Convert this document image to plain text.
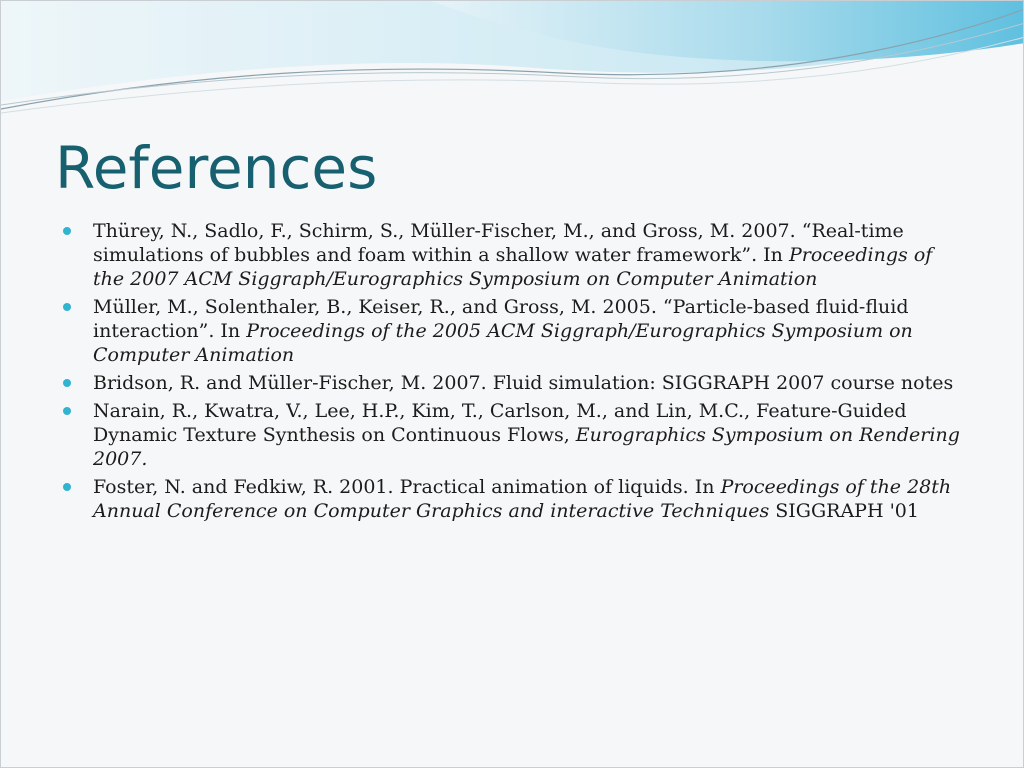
References
Thürey, N., Sadlo, F., Schirm, S., Müller-Fischer, M., and Gross, M. 2007. “Real-time simulations of bubbles and foam within a shallow water framework”. In Proceedings of the 2007 ACM Siggraph/Eurographics Symposium on Computer Animation
Müller, M., Solenthaler, B., Keiser, R., and Gross, M. 2005. “Particle-based fluid-fluid interaction”. In Proceedings of the 2005 ACM Siggraph/Eurographics Symposium on Computer Animation
Bridson, R. and Müller-Fischer, M. 2007. Fluid simulation: SIGGRAPH 2007 course notes
Narain, R., Kwatra, V., Lee, H.P., Kim, T., Carlson, M., and Lin, M.C., Feature-Guided Dynamic Texture Synthesis on Continuous Flows, Eurographics Symposium on Rendering 2007.
Foster, N. and Fedkiw, R. 2001. Practical animation of liquids. In Proceedings of the 28th Annual Conference on Computer Graphics and interactive Techniques SIGGRAPH '01
